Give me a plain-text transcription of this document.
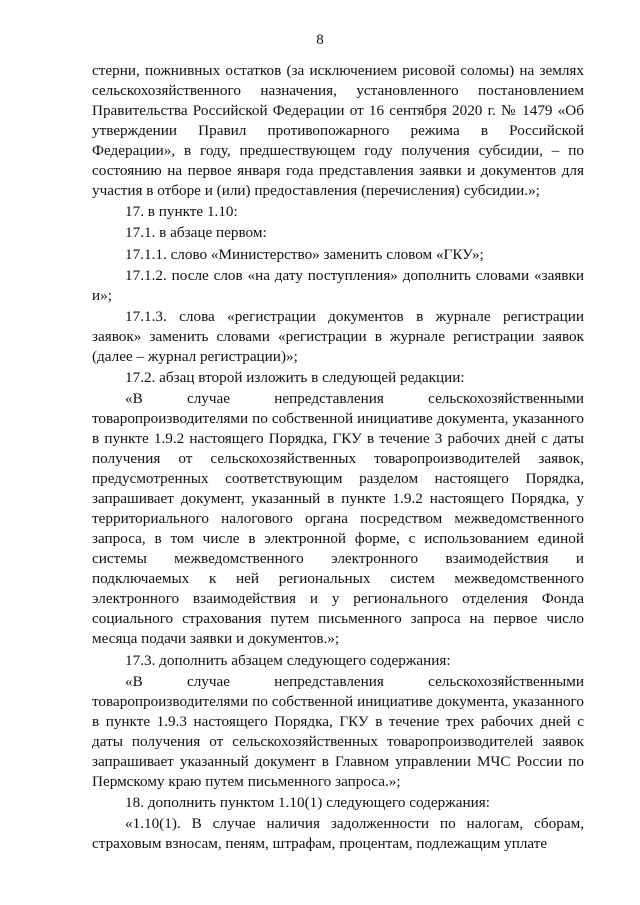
8

стерни, пожнивных остатков (за исключением рисовой соломы) на землях сельскохозяйственного назначения, установленного постановлением Правительства Российской Федерации от 16 сентября 2020 г. № 1479 «Об утверждении Правил противопожарного режима в Российской Федерации», в году, предшествующем году получения субсидии, – по состоянию на первое января года представления заявки и документов для участия в отборе и (или) предоставления (перечисления) субсидии.»;

17. в пункте 1.10:

17.1. в абзаце первом:

17.1.1. слово «Министерство» заменить словом «ГКУ»;

17.1.2. после слов «на дату поступления» дополнить словами «заявки и»;

17.1.3. слова «регистрации документов в журнале регистрации заявок» заменить словами «регистрации в журнале регистрации заявок (далее – журнал регистрации)»;

17.2. абзац второй изложить в следующей редакции:

«В случае непредставления сельскохозяйственными товаропроизводителями по собственной инициативе документа, указанного в пункте 1.9.2 настоящего Порядка, ГКУ в течение 3 рабочих дней с даты получения от сельскохозяйственных товаропроизводителей заявок, предусмотренных соответствующим разделом настоящего Порядка, запрашивает документ, указанный в пункте 1.9.2 настоящего Порядка, у территориального налогового органа посредством межведомственного запроса, в том числе в электронной форме, с использованием единой системы межведомственного электронного взаимодействия и подключаемых к ней региональных систем межведомственного электронного взаимодействия и у регионального отделения Фонда социального страхования путем письменного запроса на первое число месяца подачи заявки и документов.»;

17.3. дополнить абзацем следующего содержания:

«В случае непредставления сельскохозяйственными товаропроизводителями по собственной инициативе документа, указанного в пункте 1.9.3 настоящего Порядка, ГКУ в течение трех рабочих дней с даты получения от сельскохозяйственных товаропроизводителей заявок запрашивает указанный документ в Главном управлении МЧС России по Пермскому краю путем письменного запроса.»;

18. дополнить пунктом 1.10(1) следующего содержания:

«1.10(1). В случае наличия задолженности по налогам, сборам, страховым взносам, пеням, штрафам, процентам, подлежащим уплате
